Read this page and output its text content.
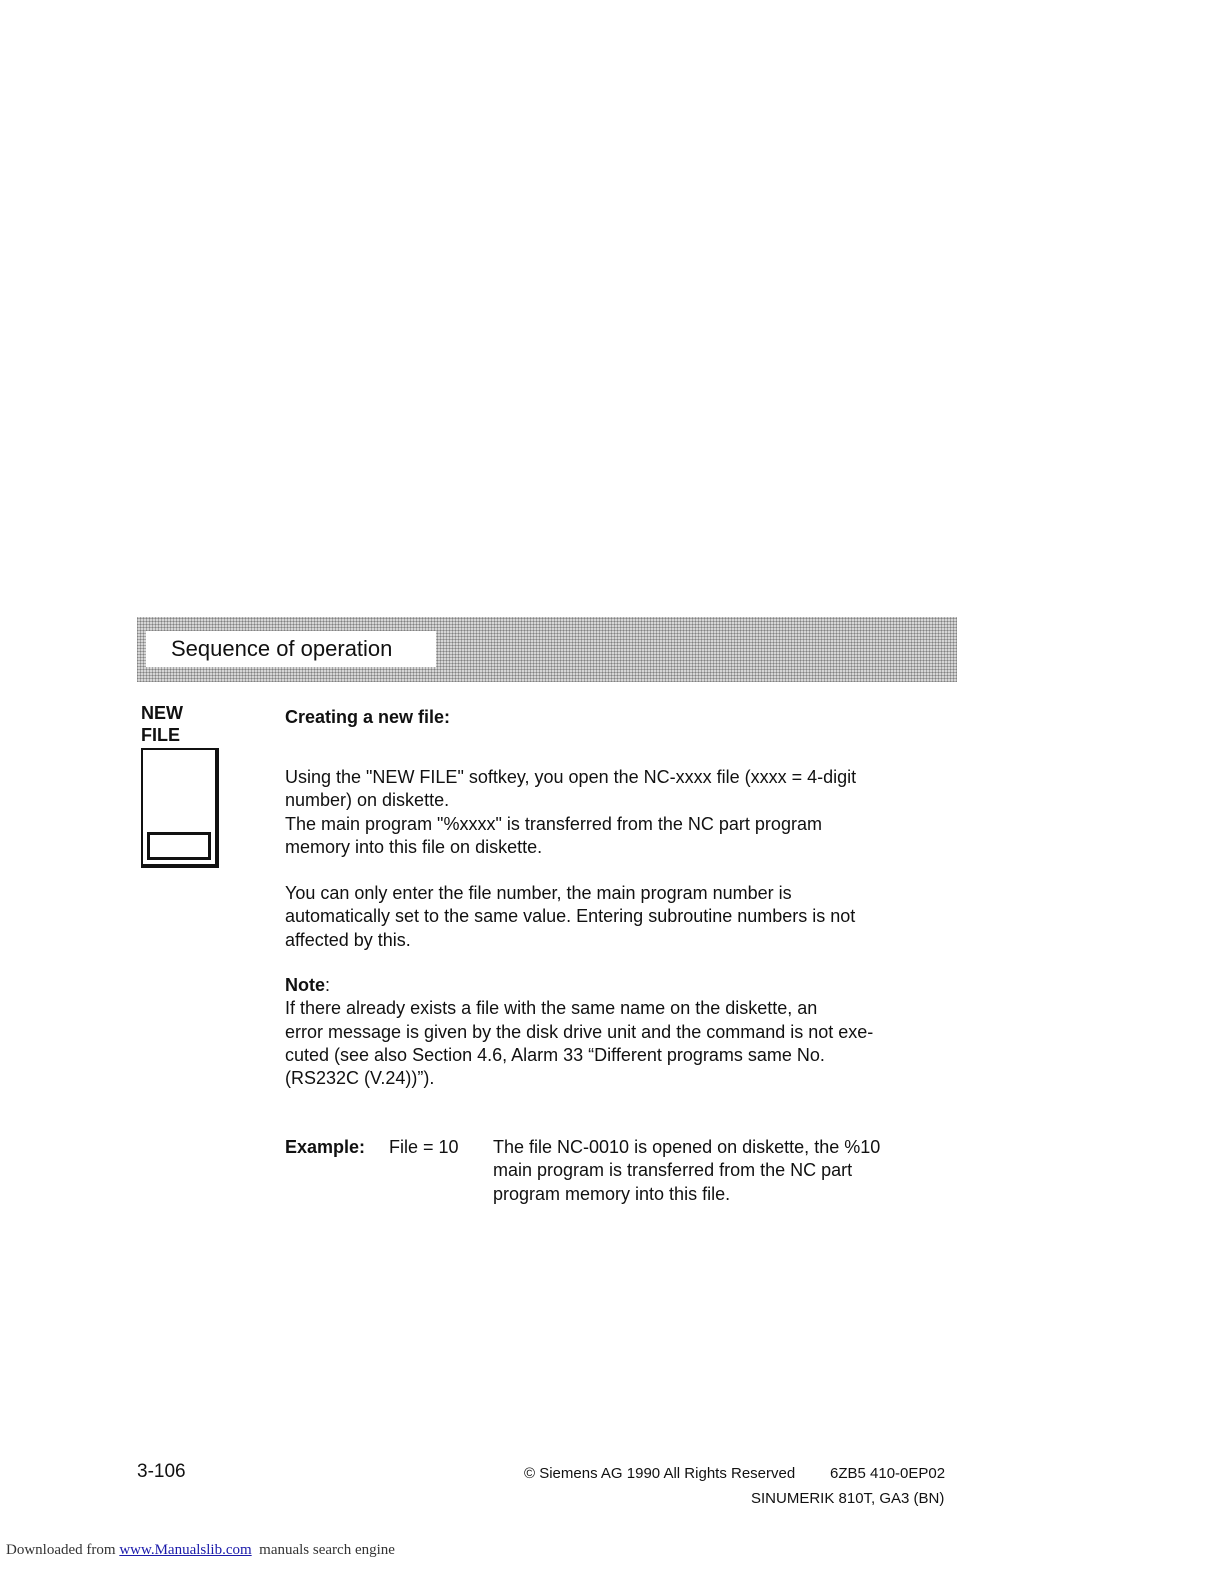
Sequence of operation
NEW
FILE
Creating a new file:
Using the "NEW FILE" softkey, you open the NC-xxxx file (xxxx = 4-digit
number) on diskette.
The main program "%xxxx" is transferred from the NC part program
memory into this file on diskette.
You can only enter the file number, the main program number is
automatically set to the same value. Entering subroutine numbers is not
affected by this.
Note:
If there already exists a file with the same name on the diskette, an
error message is given by the disk drive unit and the command is not exe-
cuted (see also Section 4.6, Alarm 33 “Different programs same No.
(RS232C (V.24))”).
Example: File = 10 The file NC-0010 is opened on diskette, the %10
main program is transferred from the NC part
program memory into this file.
3-106	© Siemens AG 1990 All Rights Reserved 6ZB5 410-0EP02
SINUMERIK 810T, GA3 (BN)
Downloaded from www.Manualslib.com  manuals search engine
